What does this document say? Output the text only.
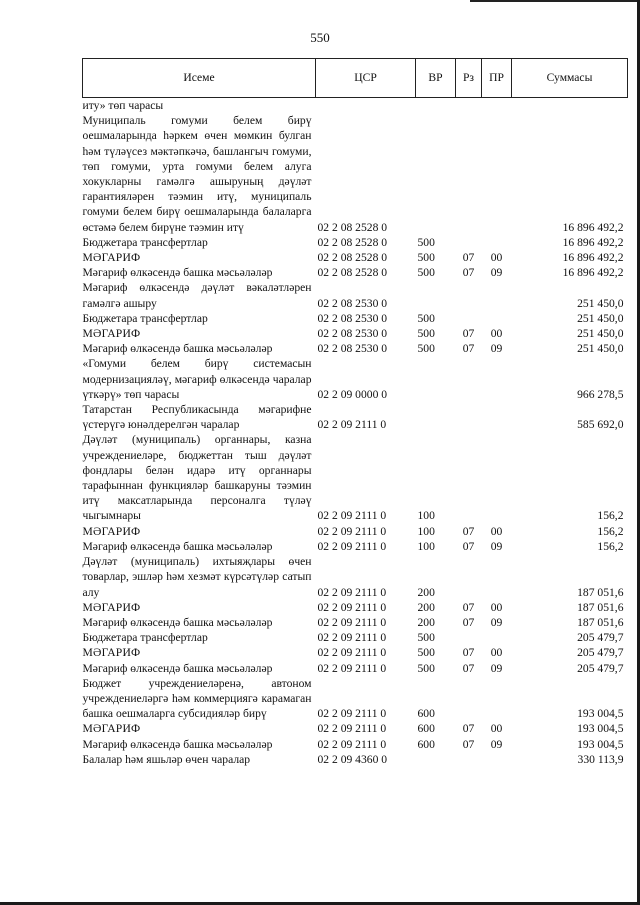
550
Исеме	ЦСР	ВР	Рз	ПР	Суммасы
иту» төп чарасы					
Муниципаль гомуми белем бирү оешмаларында һәркем өчен мөмкин булган һәм түләүсез мәктәпкәчә, башлангыч гомуми, төп гомуми, урта гомуми белем алуга хокукларны гамәлгә ашыруның дәүләт гарантияләрен тәэмин итү, муниципаль гомуми белем бирү оешмаларында балаларга өстәмә белем бирүне тәэмин итү	02 2 08 2528 0				16 896 492,2
Бюджетара трансфертлар	02 2 08 2528 0	500			16 896 492,2
МӘГАРИФ	02 2 08 2528 0	500	07	00	16 896 492,2
Мәгариф өлкәсендә башка мәсьәләләр	02 2 08 2528 0	500	07	09	16 896 492,2
Мәгариф өлкәсендә дәүләт вәкаләтләрен гамәлгә ашыру	02 2 08 2530 0				251 450,0
Бюджетара трансфертлар	02 2 08 2530 0	500			251 450,0
МӘГАРИФ	02 2 08 2530 0	500	07	00	251 450,0
Мәгариф өлкәсендә башка мәсьәләләр	02 2 08 2530 0	500	07	09	251 450,0
«Гомуми белем бирү системасын модернизацияләү, мәгариф өлкәсендә чаралар үткәрү» төп чарасы	02 2 09 0000 0				966 278,5
Татарстан Республикасында мәгарифне үстерүгә юнәлдерелгән чаралар	02 2 09 2111 0				585 692,0
Дәүләт (муниципаль) органнары, казна учреждениеләре, бюджеттан тыш дәүләт фондлары белән идарә итү органнары тарафыннан функцияләр башкаруны тәэмин итү максатларында персоналга түләү чыгымнары	02 2 09 2111 0	100			156,2
МӘГАРИФ	02 2 09 2111 0	100	07	00	156,2
Мәгариф өлкәсендә башка мәсьәләләр	02 2 09 2111 0	100	07	09	156,2
Дәүләт (муниципаль) ихтыяҗлары өчен товарлар, эшләр һәм хезмәт күрсәтүләр сатып алу	02 2 09 2111 0	200			187 051,6
МӘГАРИФ	02 2 09 2111 0	200	07	00	187 051,6
Мәгариф өлкәсендә башка мәсьәләләр	02 2 09 2111 0	200	07	09	187 051,6
Бюджетара трансфертлар	02 2 09 2111 0	500			205 479,7
МӘГАРИФ	02 2 09 2111 0	500	07	00	205 479,7
Мәгариф өлкәсендә башка мәсьәләләр	02 2 09 2111 0	500	07	09	205 479,7
Бюджет учреждениеләренә, автоном учреждениеләргә һәм коммерциягә карамаган башка оешмаларга субсидияләр бирү	02 2 09 2111 0	600			193 004,5
МӘГАРИФ	02 2 09 2111 0	600	07	00	193 004,5
Мәгариф өлкәсендә башка мәсьәләләр	02 2 09 2111 0	600	07	09	193 004,5
Балалар һәм яшьләр өчен чаралар	02 2 09 4360 0				330 113,9
